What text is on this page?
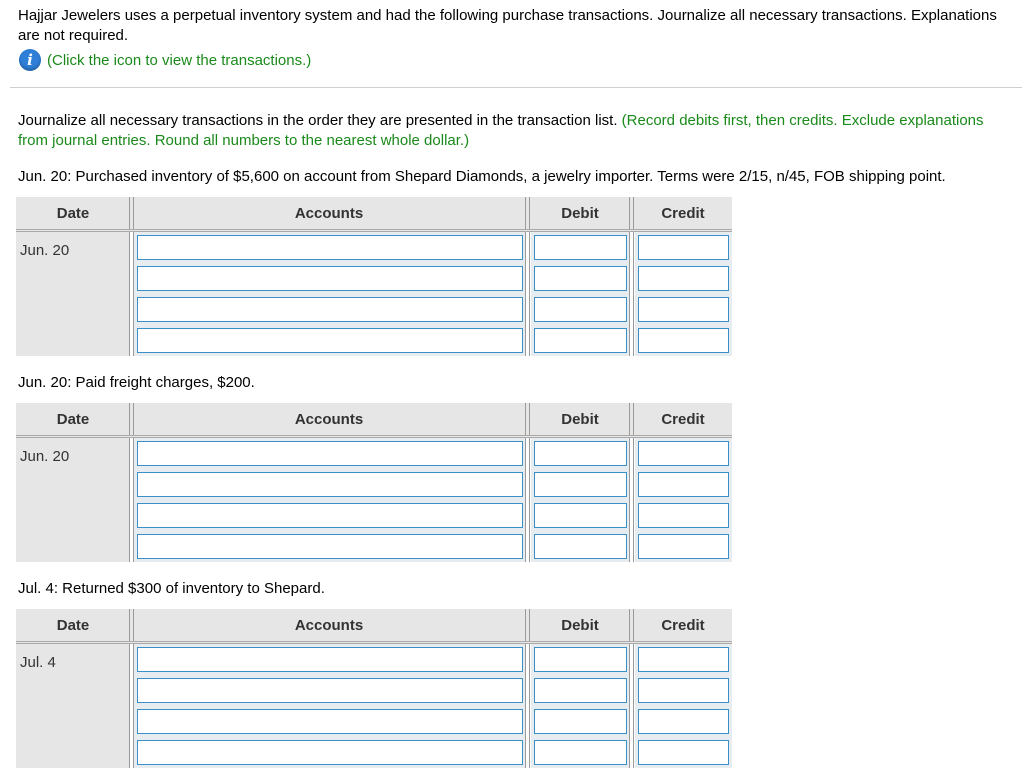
Hajjar Jewelers uses a perpetual inventory system and had the following purchase transactions. Journalize all necessary transactions. Explanations are not required.
i (Click the icon to view the transactions.)
Journalize all necessary transactions in the order they are presented in the transaction list. (Record debits first, then credits. Exclude explanations from journal entries. Round all numbers to the nearest whole dollar.)
Jun. 20: Purchased inventory of $5,600 on account from Shepard Diamonds, a jewelry importer. Terms were 2/15, n/45, FOB shipping point.
Date	Accounts	Debit	Credit
Jun. 20
Jun. 20: Paid freight charges, $200.
Date	Accounts	Debit	Credit
Jun. 20
Jul. 4: Returned $300 of inventory to Shepard.
Date	Accounts	Debit	Credit
Jul. 4
